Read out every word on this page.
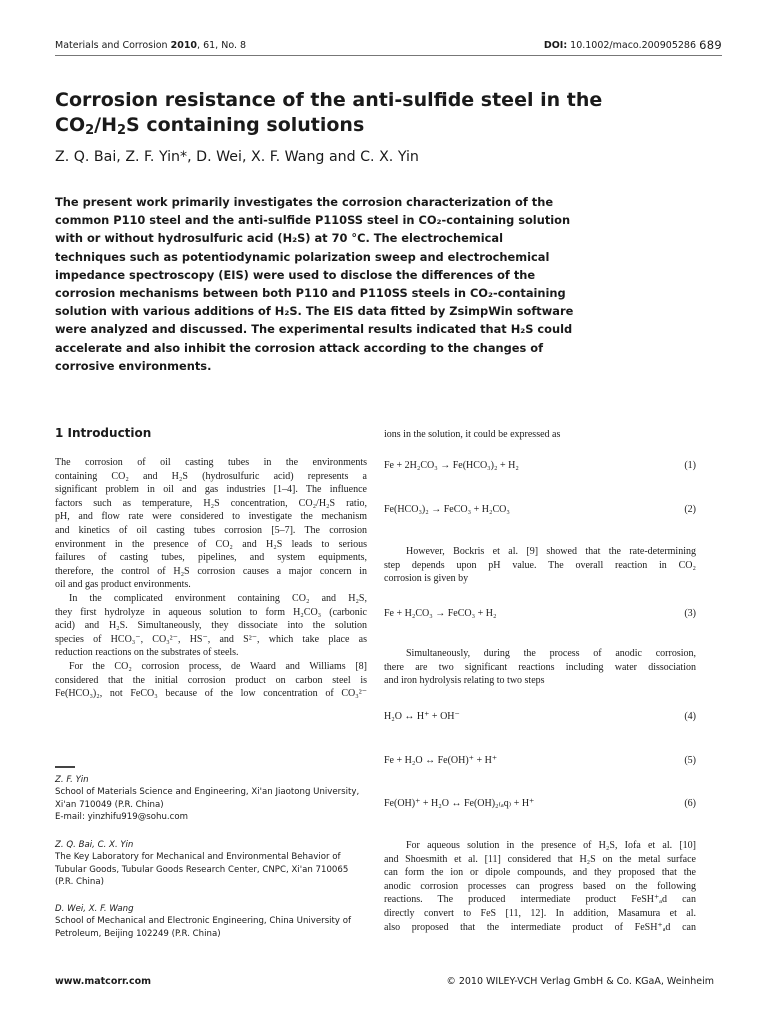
Materials and Corrosion 2010, 61, No. 8	DOI: 10.1002/maco.200905286 689
Corrosion resistance of the anti-sulfide steel in the
$CO_2/H_2S$ containing solutions
Z. Q. Bai, Z. F. Yin*, D. Wei, X. F. Wang and C. X. Yin
The present work primarily investigates the corrosion characterization of the
common P110 steel and the anti-sulfide P110SS steel in CO₂-containing solution
with or without hydrosulfuric acid (H₂S) at 70 °C. The electrochemical
techniques such as potentiodynamic polarization sweep and electrochemical
impedance spectroscopy (EIS) were used to disclose the differences of the
corrosion mechanisms between both P110 and P110SS steels in CO₂-containing
solution with various additions of H₂S. The EIS data fitted by ZsimpWin software
were analyzed and discussed. The experimental results indicated that H₂S could
accelerate and also inhibit the corrosion attack according to the changes of
corrosive environments.
1 Introduction
The corrosion of oil casting tubes in the environments
containing CO₂ and H₂S (hydrosulfuric acid) represents a
significant problem in oil and gas industries [1–4]. The influence
factors such as temperature, H₂S concentration, CO₂/H₂S ratio,
pH, and flow rate were considered to investigate the mechanism
and kinetics of oil casting tubes corrosion [5–7]. The corrosion
environment in the presence of CO₂ and H₂S leads to serious
failures of casting tubes, pipelines, and system equipments,
therefore, the control of H₂S corrosion causes a major concern in
oil and gas product environments.
In the complicated environment containing CO₂ and H₂S,
they first hydrolyze in aqueous solution to form H₂CO₃ (carbonic
acid) and H₂S. Simultaneously, they dissociate into the solution
species of HCO₃⁻, CO₃²⁻, HS⁻, and S²⁻, which take place as
reduction reactions on the substrates of steels.
For the CO₂ corrosion process, de Waard and Williams [8]
considered that the initial corrosion product on carbon steel is
Fe(HCO₃)₂, not FeCO₃ because of the low concentration of CO₃²⁻
ions in the solution, it could be expressed as
Fe + 2H₂CO₃ → Fe(HCO₃)₂ + H₂	(1)
Fe(HCO₃)₂ → FeCO₃ + H₂CO₃	(2)
However, Bockris et al. [9] showed that the rate-determining
step depends upon pH value. The overall reaction in CO₂
corrosion is given by
Fe + H₂CO₃ → FeCO₃ + H₂	(3)
Simultaneously, during the process of anodic corrosion,
there are two significant reactions including water dissociation
and iron hydrolysis relating to two steps
H₂O ↔ H⁺ + OH⁻	(4)
Fe + H₂O ↔ Fe(OH)⁺ + H⁺	(5)
Fe(OH)⁺ + H₂O ↔ Fe(OH)₂₍ₐq₎ + H⁺	(6)
For aqueous solution in the presence of H₂S, Iofa et al. [10]
and Shoesmith et al. [11] considered that H₂S on the metal surface
can form the ion or dipole compounds, and they proposed that the
anodic corrosion processes can progress based on the following
reactions. The produced intermediate product FeSH⁺ₐd can
directly convert to FeS [11, 12]. In addition, Masamura et al.
also proposed that the intermediate product of FeSH⁺ₐd can
Z. F. Yin
School of Materials Science and Engineering, Xi'an Jiaotong University,
Xi'an 710049 (P.R. China)
E-mail: yinzhifu919@sohu.com
Z. Q. Bai, C. X. Yin
The Key Laboratory for Mechanical and Environmental Behavior of
Tubular Goods, Tubular Goods Research Center, CNPC, Xi'an 710065
(P.R. China)
D. Wei, X. F. Wang
School of Mechanical and Electronic Engineering, China University of
Petroleum, Beijing 102249 (P.R. China)
www.matcorr.com	© 2010 WILEY-VCH Verlag GmbH & Co. KGaA, Weinheim
